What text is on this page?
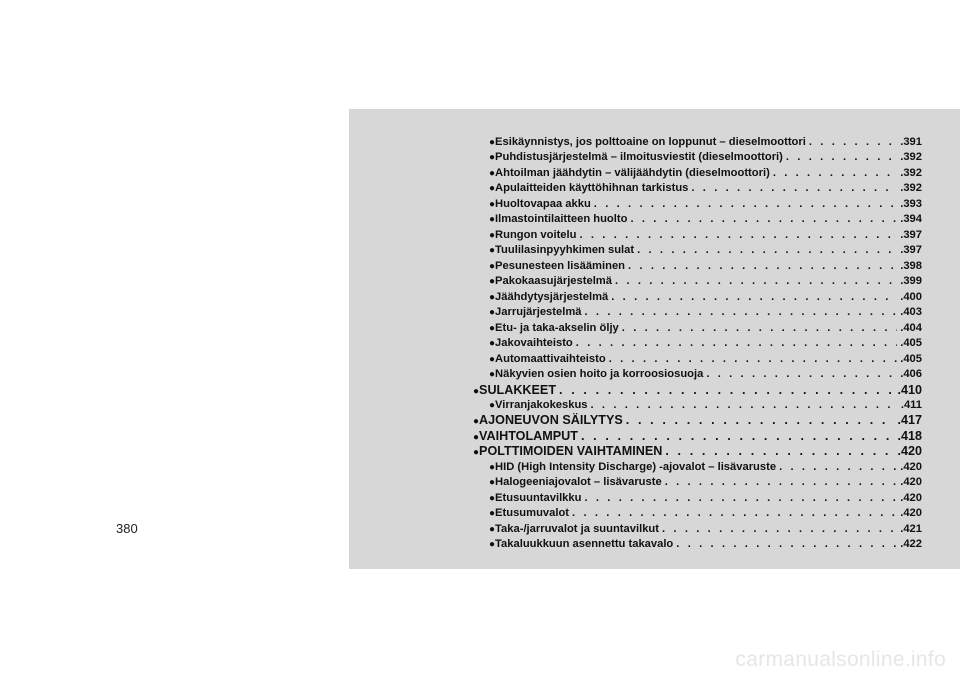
380
● Esikäynnistys, jos polttoaine on loppunut – dieselmoottori . . .	.391
● Puhdistusjärjestelmä – ilmoitusviestit (dieselmoottori) . . .	.392
● Ahtoilman jäähdytin – välijäähdytin (dieselmoottori) . . .	.392
● Apulaitteiden käyttöhihnan tarkistus . . .	.392
● Huoltovapaa akku . . .	.393
● Ilmastointilaitteen huolto . . .	.394
● Rungon voitelu . . .	.397
● Tuulilasinpyyhkimen sulat . . .	.397
● Pesunesteen lisääminen . . .	.398
● Pakokaasujärjestelmä . . .	.399
● Jäähdytysjärjestelmä . . .	.400
● Jarrujärjestelmä . . .	.403
● Etu- ja taka-akselin öljy . . .	.404
● Jakovaihteisto . . .	.405
● Automaattivaihteisto . . .	.405
● Näkyvien osien hoito ja korroosiosuoja . . .	.406
● SULAKKEET . . .	.410
● Virranjakokeskus . . .	.411
● AJONEUVON SÄILYTYS . . .	.417
● VAIHTOLAMPUT . . .	.418
● POLTTIMOIDEN VAIHTAMINEN . . .	.420
● HID (High Intensity Discharge) -ajovalot – lisävaruste . . .	.420
● Halogeeniajovalot – lisävaruste . . .	.420
● Etusuuntavilkku . . .	.420
● Etusumuvalot . . .	.420
● Taka-/jarruvalot ja suuntavilkut . . .	.421
● Takaluukkuun asennettu takavalo . . .	.422
carmanualsonline.info
